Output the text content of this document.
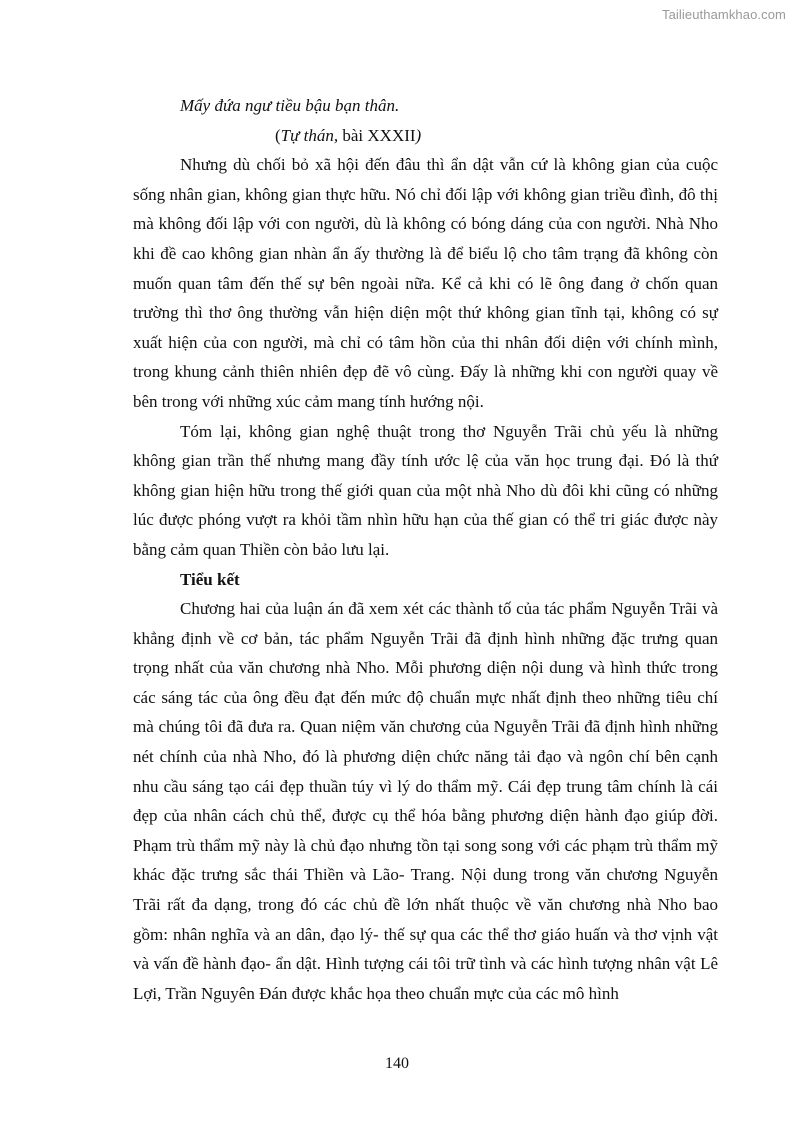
Tailieuthamkhao.com

Mấy đứa ngư tiều bậu bạn thân.

(Tự thán, bài XXXII)

Nhưng dù chối bỏ xã hội đến đâu thì ẩn dật vẫn cứ là không gian của cuộc sống nhân gian, không gian thực hữu. Nó chỉ đối lập với không gian triều đình, đô thị mà không đối lập với con người, dù là không có bóng dáng của con người. Nhà Nho khi đề cao không gian nhàn ẩn ấy thường là để biểu lộ cho tâm trạng đã không còn muốn quan tâm đến thế sự bên ngoài nữa. Kể cả khi có lẽ ông đang ở chốn quan trường thì thơ ông thường vẫn hiện diện một thứ không gian tĩnh tại, không có sự xuất hiện của con người, mà chỉ có tâm hồn của thi nhân đối diện với chính mình, trong khung cảnh thiên nhiên đẹp đẽ vô cùng. Đấy là những khi con người quay về bên trong với những xúc cảm mang tính hướng nội.

Tóm lại, không gian nghệ thuật trong thơ Nguyễn Trãi chủ yếu là những không gian trần thế nhưng mang đầy tính ước lệ của văn học trung đại. Đó là thứ không gian hiện hữu trong thế giới quan của một nhà Nho dù đôi khi cũng có những lúc được phóng vượt ra khỏi tầm nhìn hữu hạn của thế gian có thể tri giác được này bằng cảm quan Thiền còn bảo lưu lại.

Tiểu kết

Chương hai của luận án đã xem xét các thành tố của tác phẩm Nguyễn Trãi và khẳng định về cơ bản, tác phẩm Nguyễn Trãi đã định hình những đặc trưng quan trọng nhất của văn chương nhà Nho. Mỗi phương diện nội dung và hình thức trong các sáng tác của ông đều đạt đến mức độ chuẩn mực nhất định theo những tiêu chí mà chúng tôi đã đưa ra. Quan niệm văn chương của Nguyễn Trãi đã định hình những nét chính của nhà Nho, đó là phương diện chức năng tải đạo và ngôn chí bên cạnh nhu cầu sáng tạo cái đẹp thuần túy vì lý do thẩm mỹ. Cái đẹp trung tâm chính là cái đẹp của nhân cách chủ thể, được cụ thể hóa bằng phương diện hành đạo giúp đời. Phạm trù thẩm mỹ này là chủ đạo nhưng tồn tại song song với các phạm trù thẩm mỹ khác đặc trưng sắc thái Thiền và Lão- Trang. Nội dung trong văn chương Nguyễn Trãi rất đa dạng, trong đó các chủ đề lớn nhất thuộc về văn chương nhà Nho bao gồm: nhân nghĩa và an dân, đạo lý- thế sự qua các thể thơ giáo huấn và thơ vịnh vật và vấn đề hành đạo- ẩn dật. Hình tượng cái tôi trữ tình và các hình tượng nhân vật Lê Lợi, Trần Nguyên Đán được khắc họa theo chuẩn mực của các mô hình

140
